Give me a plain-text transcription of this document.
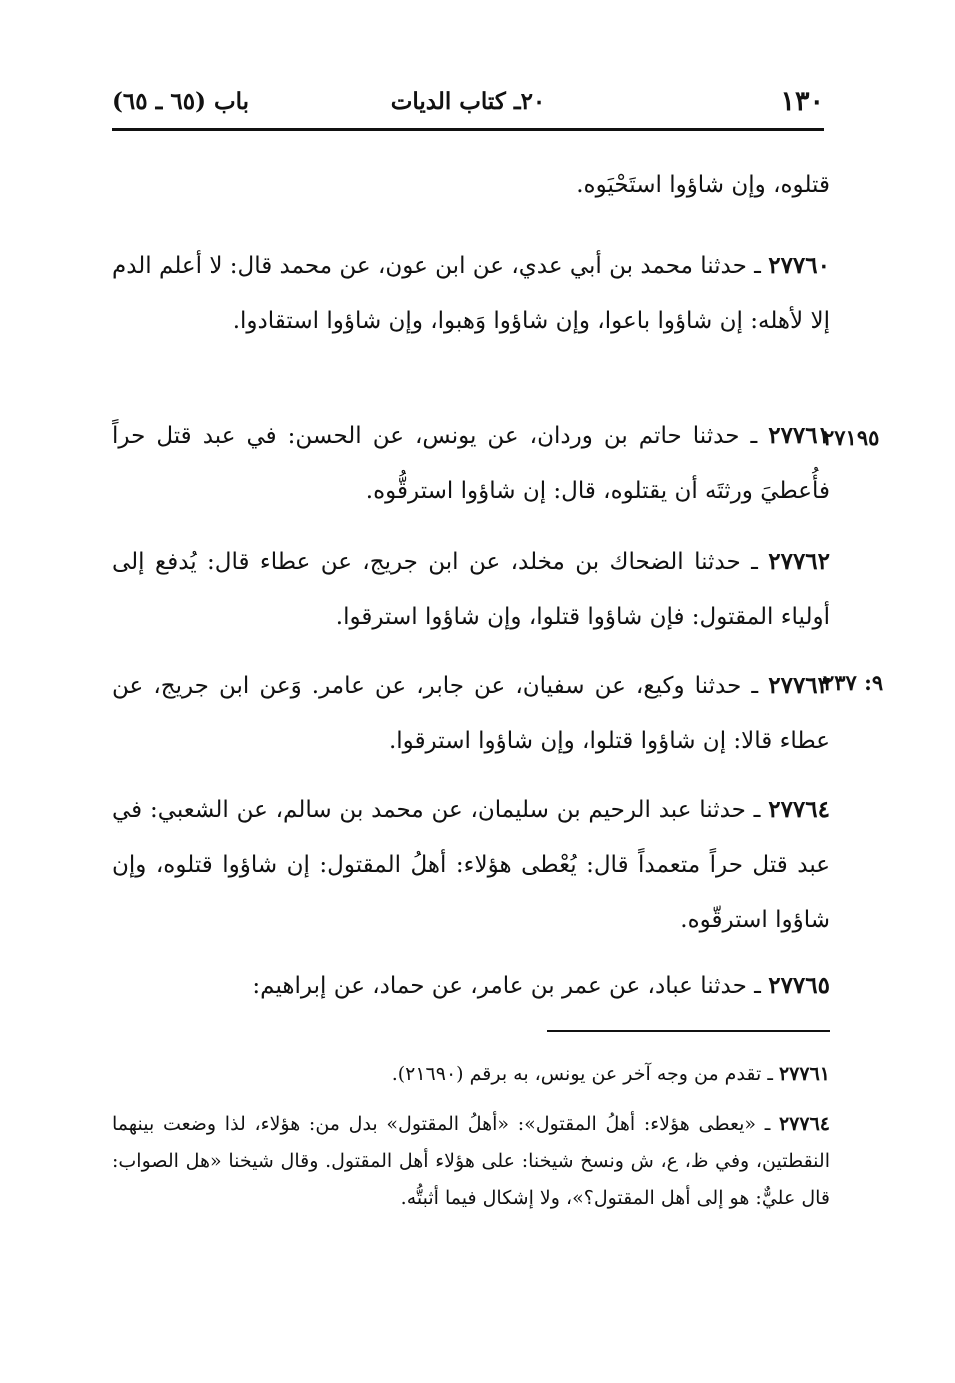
١٣٠
٢٠ـ كتاب الديات
باب (٦٥ ـ ٦٥)

قتلوه، وإن شاؤوا استَحْيَوه.

٢٧٧٦٠ ـ حدثنا محمد بن أبي عدي، عن ابن عون، عن محمد قال: لا أعلم الدم إلا لأهله: إن شاؤوا باعوا، وإن شاؤوا وَهبوا، وإن شاؤوا استقادوا.

٢٧٧٦١ ـ حدثنا حاتم بن وردان، عن يونس، عن الحسن: في عبد قتل حراً فأُعطيَ ورثتَه أن يقتلوه، قال: إن شاؤوا استرقُّوه.

٢٧١٩٥

٢٧٧٦٢ ـ حدثنا الضحاك بن مخلد، عن ابن جريج، عن عطاء قال: يُدفع إلى أولياء المقتول: فإن شاؤوا قتلوا، وإن شاؤوا استرقوا.

٢٧٧٦٣ ـ حدثنا وكيع، عن سفيان، عن جابر، عن عامر. وَعن ابن جريج، عن عطاء قالا: إن شاؤوا قتلوا، وإن شاؤوا استرقوا.

٩: ٢٣٧

٢٧٧٦٤ ـ حدثنا عبد الرحيم بن سليمان، عن محمد بن سالم، عن الشعبي: في عبد قتل حراً متعمداً قال: يُعْطى هؤلاء: أهلُ المقتول: إن شاؤوا قتلوه، وإن شاؤوا استرقّوه.

٢٧٧٦٥ ـ حدثنا عباد، عن عمر بن عامر، عن حماد، عن إبراهيم:

٢٧٧٦١ ـ تقدم من وجه آخر عن يونس، به برقم (٢١٦٩٠).

٢٧٧٦٤ ـ «يعطى هؤلاء: أهلُ المقتول»: «أهلُ المقتول» بدل من: هؤلاء، لذا وضعت بينهما النقطتين، وفي ظ، ع، ش ونسخ شيخنا: على هؤلاء أهل المقتول. وقال شيخنا «هل الصواب: قال عليٌّ: هو إلى أهل المقتول؟»، ولا إشكال فيما أثبتُّه.
